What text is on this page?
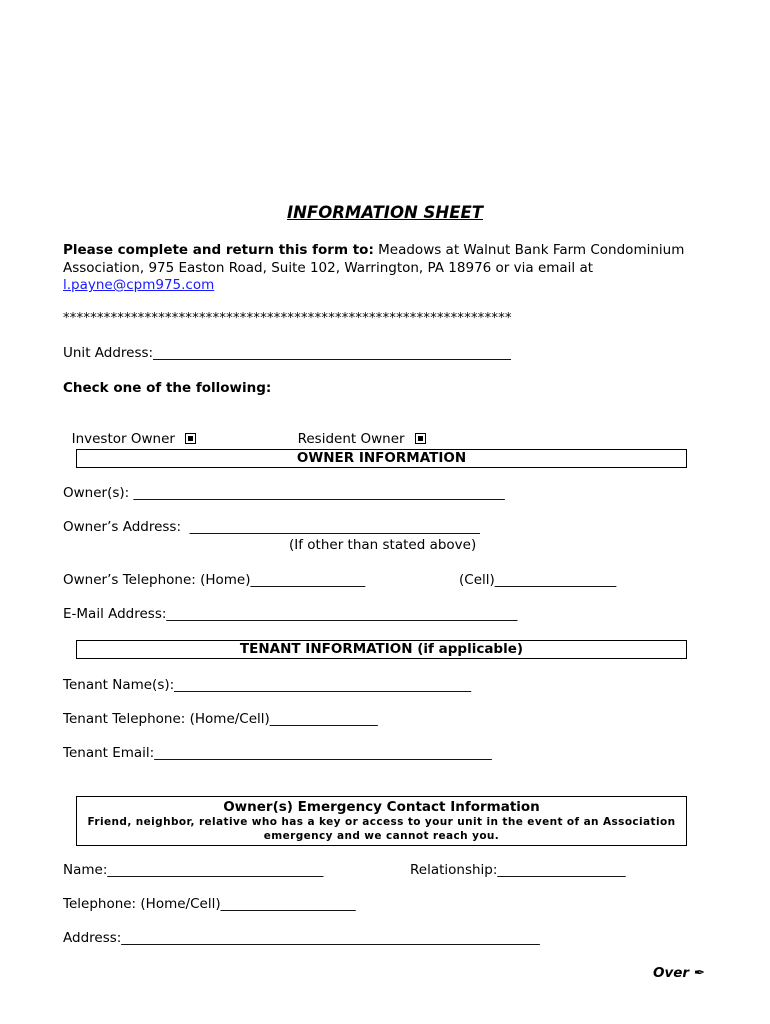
INFORMATION SHEET
Please complete and return this form to: Meadows at Walnut Bank Farm Condominium
Association, 975 Easton Road, Suite 102, Warrington, PA 18976 or via email at
l.payne@cpm975.com
******************************************************************
Unit Address:_____________________________________________________
Check one of the following:

Investor Owner	Resident Owner

OWNER INFORMATION
Owner(s): _______________________________________________________
Owner’s Address:  ___________________________________________
(If other than stated above)
Owner’s Telephone: (Home)_________________	(Cell)__________________
E-Mail Address:____________________________________________________
TENANT INFORMATION (if applicable)
Tenant Name(s):____________________________________________
Tenant Telephone: (Home/Cell)________________
Tenant Email:__________________________________________________
Owner(s) Emergency Contact Information
Friend, neighbor, relative who has a key or access to your unit in the event of an Association
emergency and we cannot reach you.
Name:________________________________	Relationship:___________________
Telephone: (Home/Cell)____________________
Address:______________________________________________________________
Over ✒
